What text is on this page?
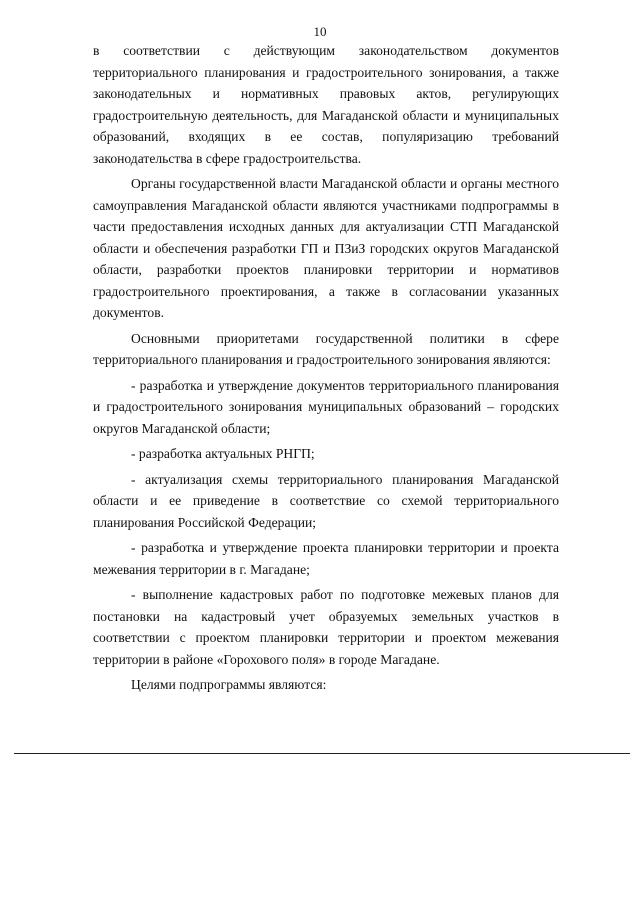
10

в соответствии с действующим законодательством документов территориального планирования и градостроительного зонирования, а также законодательных и нормативных правовых актов, регулирующих градостроительную деятельность, для Магаданской области и муниципальных образований, входящих в ее состав, популяризацию требований законодательства в сфере градостроительства.

Органы государственной власти Магаданской области и органы местного самоуправления Магаданской области являются участниками подпрограммы в части предоставления исходных данных для актуализации СТП Магаданской области и обеспечения разработки ГП и ПЗиЗ городских округов Магаданской области, разработки проектов планировки территории и нормативов градостроительного проектирования, а также в согласовании указанных документов.

Основными приоритетами государственной политики в сфере территориального планирования и градостроительного зонирования являются:

- разработка и утверждение документов территориального планирования и градостроительного зонирования муниципальных образований – городских округов Магаданской области;

- разработка актуальных РНГП;

- актуализация схемы территориального планирования Магаданской области и ее приведение в соответствие со схемой территориального планирования Российской Федерации;

- разработка и утверждение проекта планировки территории и проекта межевания территории в г. Магадане;

- выполнение кадастровых работ по подготовке межевых планов для постановки на кадастровый учет образуемых земельных участков в соответствии с проектом планировки территории и проектом межевания территории в районе «Горохового поля» в городе Магадане.

Целями подпрограммы являются:
